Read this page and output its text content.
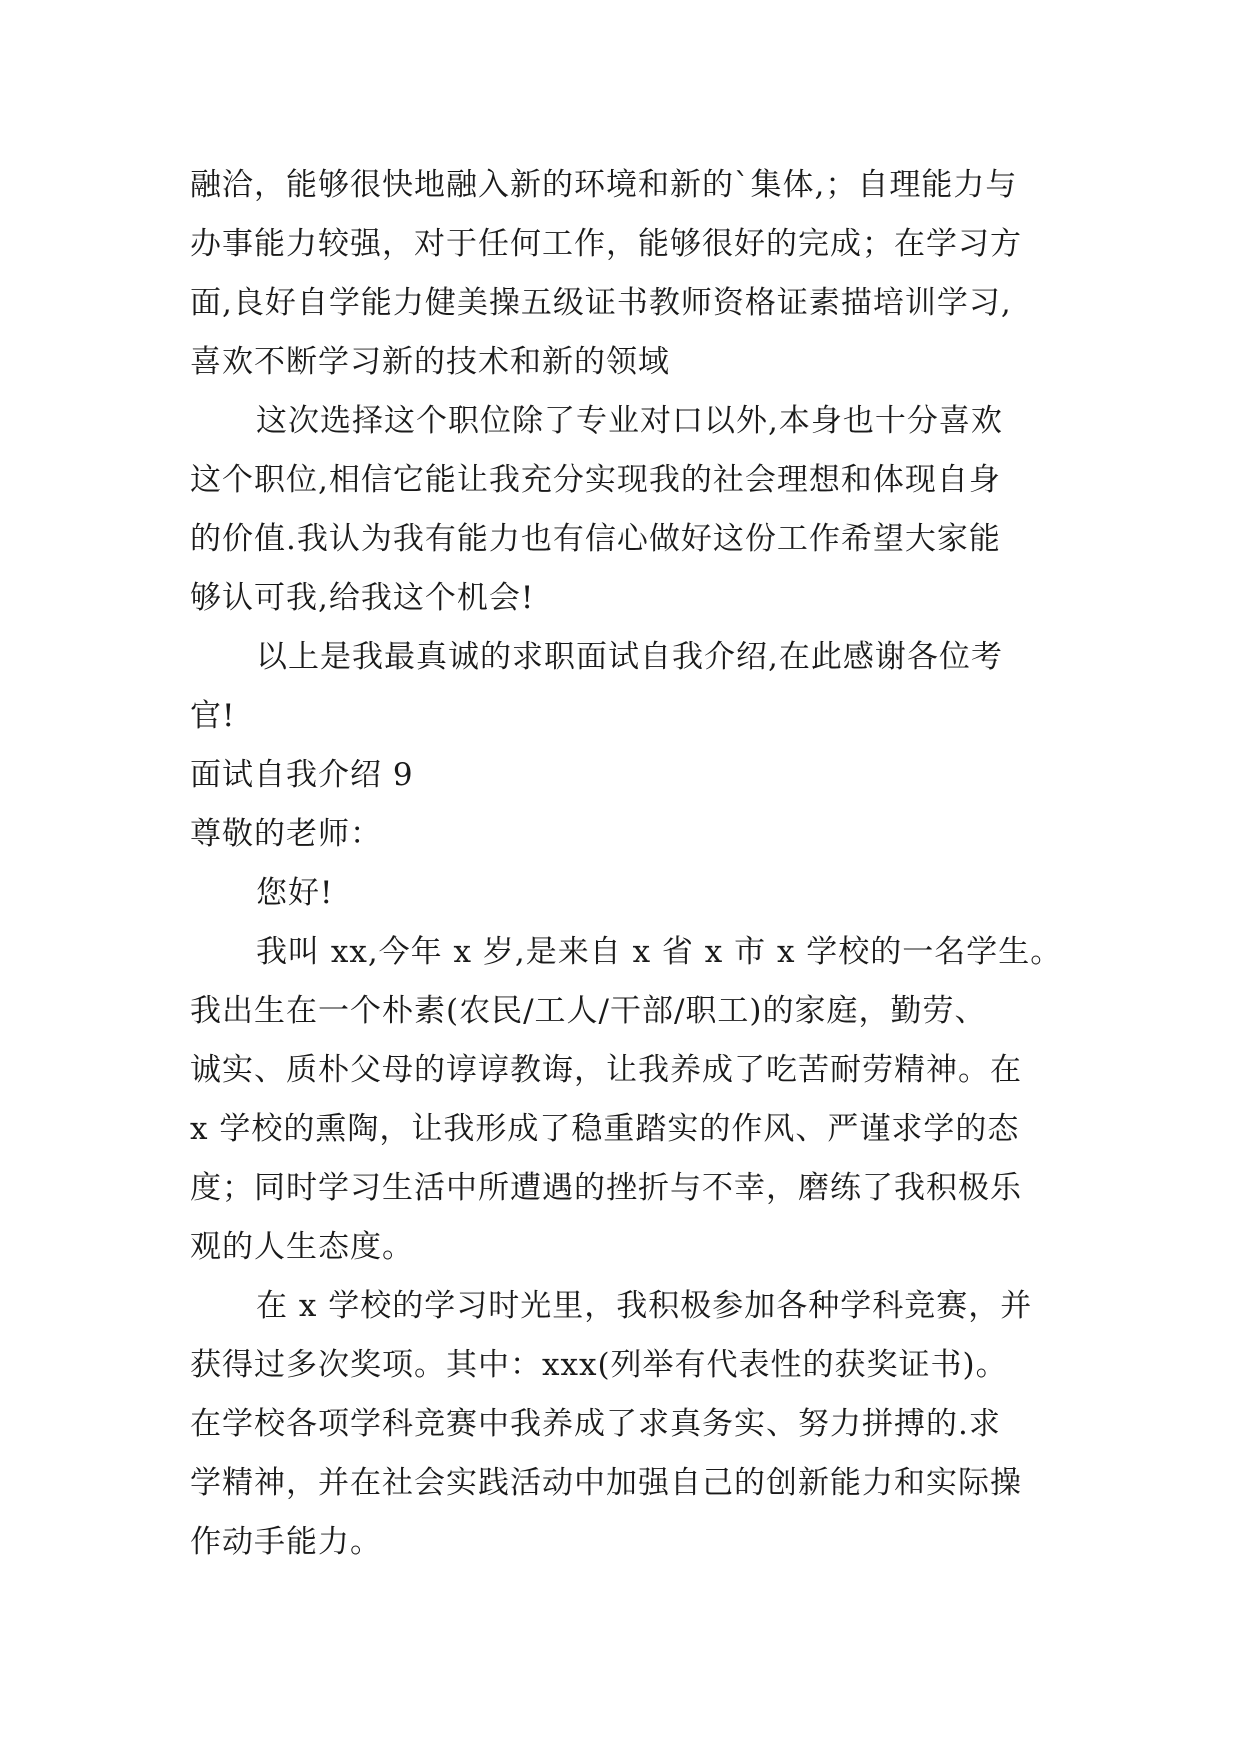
融洽，能够很快地融入新的环境和新的`集体,；自理能力与
办事能力较强，对于任何工作，能够很好的完成；在学习方
面,良好自学能力健美操五级证书教师资格证素描培训学习,
喜欢不断学习新的技术和新的领域
这次选择这个职位除了专业对口以外,本身也十分喜欢
这个职位,相信它能让我充分实现我的社会理想和体现自身
的价值.我认为我有能力也有信心做好这份工作希望大家能
够认可我,给我这个机会!
以上是我最真诚的求职面试自我介绍,在此感谢各位考
官!
面试自我介绍 9
尊敬的老师：
您好!
我叫 xx,今年 x 岁,是来自 x 省 x 市 x 学校的一名学生。
我出生在一个朴素(农民/工人/干部/职工)的家庭，勤劳、
诚实、质朴父母的谆谆教诲，让我养成了吃苦耐劳精神。在
x 学校的熏陶，让我形成了稳重踏实的作风、严谨求学的态
度；同时学习生活中所遭遇的挫折与不幸，磨练了我积极乐
观的人生态度。
在 x 学校的学习时光里，我积极参加各种学科竞赛，并
获得过多次奖项。其中：xxx(列举有代表性的获奖证书)。
在学校各项学科竞赛中我养成了求真务实、努力拼搏的.求
学精神，并在社会实践活动中加强自己的创新能力和实际操
作动手能力。
